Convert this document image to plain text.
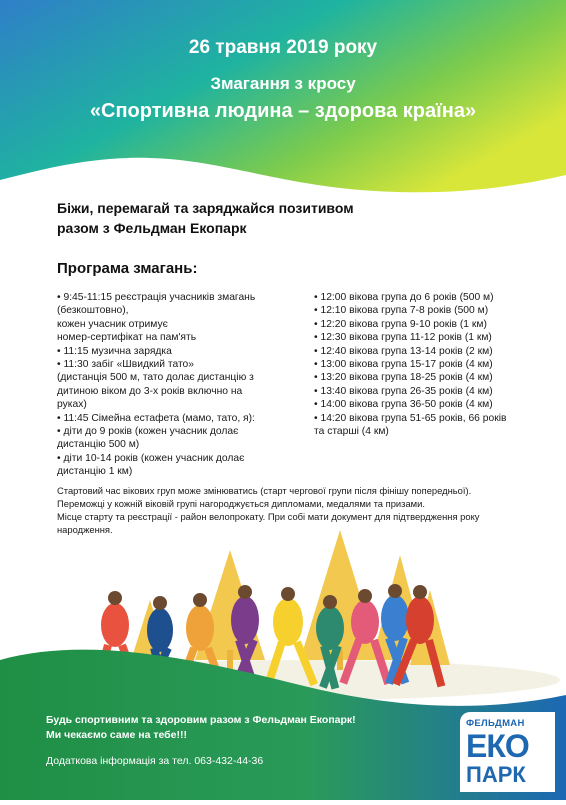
26 травня 2019 року
Змагання з кросу
«Спортивна людина – здорова країна»
Біжи, перемагай та заряджайся позитивом
разом з Фельдман Екопарк
Програма змагань:
• 9:45-11:15 реєстрація учасників змагань
(безкоштовно),
кожен учасник отримує
номер-сертифікат на пам'ять
• 11:15 музична зарядка
• 11:30 забіг «Швидкий тато»
(дистанція 500 м, тато долає дистанцію з
дитиною віком до 3-х років включно на
руках)
• 11:45 Сімейна естафета (мамо, тато, я):
• діти до 9 років (кожен учасник долає
дистанцію 500 м)
• діти 10-14 років (кожен учасник долає
дистанцію 1 км)
• 12:00 вікова група до 6 років (500 м)
• 12:10 вікова група 7-8 років (500 м)
• 12:20 вікова група 9-10 років (1 км)
• 12:30 вікова група 11-12 років (1 км)
• 12:40 вікова група 13-14 років (2 км)
• 13:00 вікова група 15-17 років (4 км)
• 13:20 вікова група 18-25 років (4 км)
• 13:40 вікова група 26-35 років (4 км)
• 14:00 вікова група 36-50 років (4 км)
• 14:20 вікова група 51-65 років, 66 років
та старші (4 км)
Стартовий час вікових груп може змінюватись (старт чергової групи після фінішу попередньої).
Переможці у кожній віковій групі нагороджується дипломами, медалями та призами.
Місце старту та реєстрації - район велопрокату. При собі мати документ для підтвердження року
народження.
Будь спортивним та здоровим разом з Фельдман Екопарк!
Ми чекаємо саме на тебе!!!
Додаткова інформація за тел. 063-432-44-36
ФЕЛЬДМАН
ЕКО
ПАРК
